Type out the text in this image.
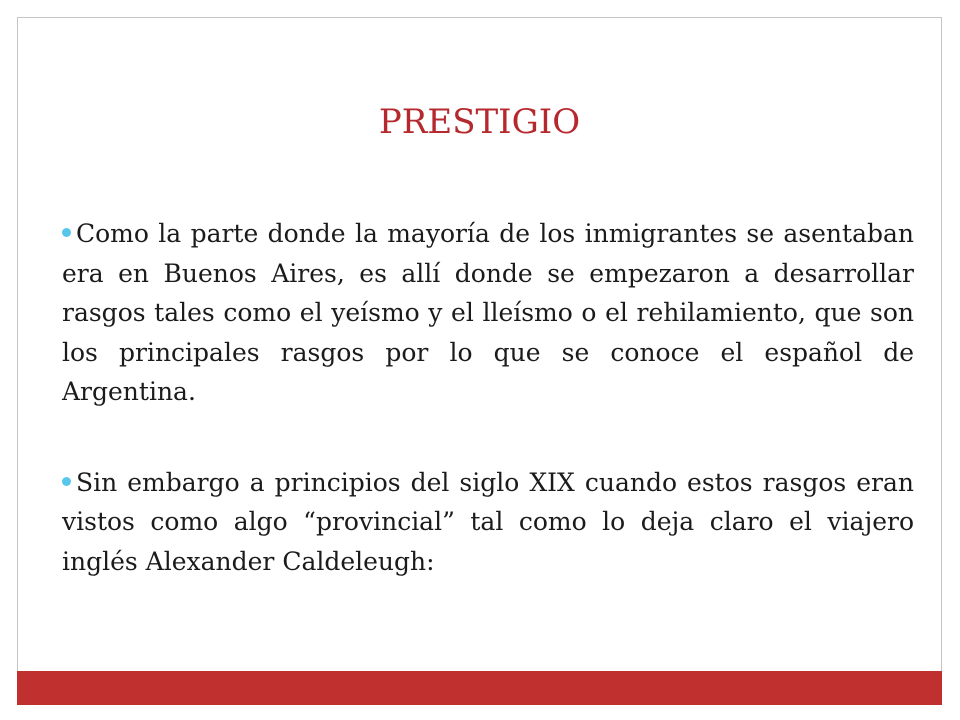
PRESTIGIO

Como la parte donde la mayoría de los inmigrantes se asentaban era en Buenos Aires, es allí donde se empezaron a desarrollar rasgos tales como el yeísmo y el lleísmo o el rehilamiento, que son los principales rasgos por lo que se conoce el español de Argentina.

Sin embargo a principios del siglo XIX cuando estos rasgos eran vistos como algo “provincial” tal como lo deja claro el viajero inglés Alexander Caldeleugh:
